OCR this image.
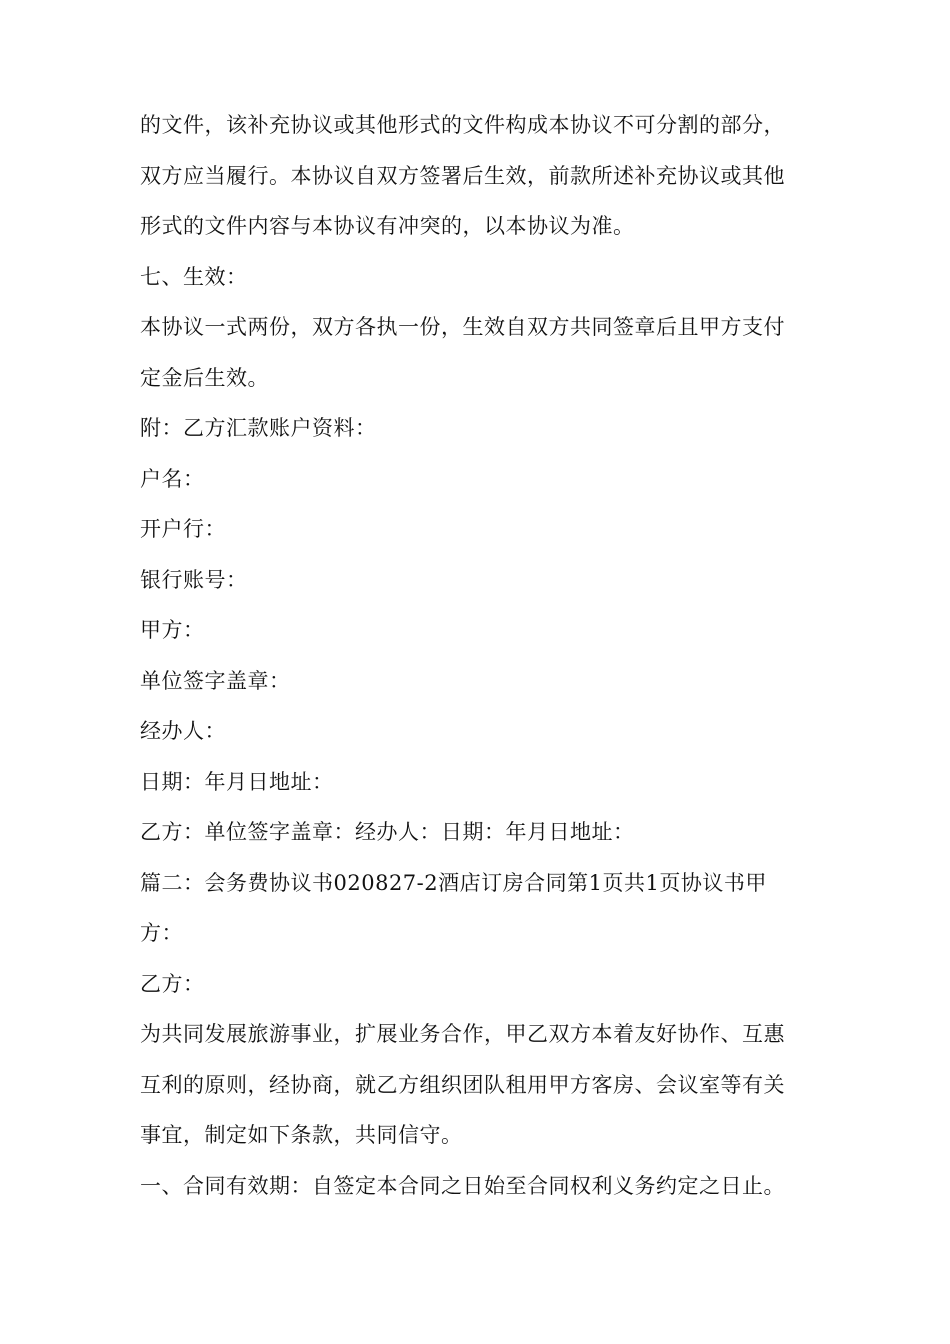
的文件，该补充协议或其他形式的文件构成本协议不可分割的部分，
双方应当履行。本协议自双方签署后生效，前款所述补充协议或其他
形式的文件内容与本协议有冲突的，以本协议为准。
七、生效：
本协议一式两份，双方各执一份，生效自双方共同签章后且甲方支付
定金后生效。
附：乙方汇款账户资料：
户名：
开户行：
银行账号：
甲方：
单位签字盖章：
经办人：
日期：年月日地址：
乙方：单位签字盖章：经办人：日期：年月日地址：
篇二：会务费协议书020827-2酒店订房合同第1页共1页协议书甲
方：
乙方：
为共同发展旅游事业，扩展业务合作，甲乙双方本着友好协作、互惠
互利的原则，经协商，就乙方组织团队租用甲方客房、会议室等有关
事宜，制定如下条款，共同信守。
一、合同有效期：自签定本合同之日始至合同权利义务约定之日止。
